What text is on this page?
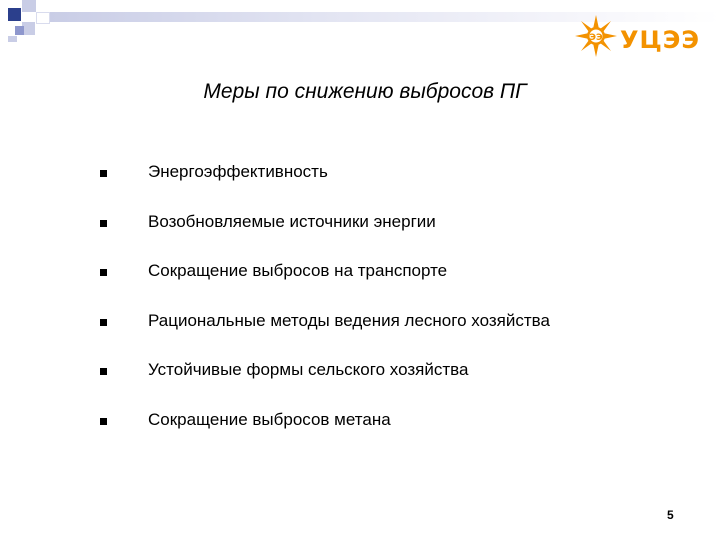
ЭЭ УЦЭЭ
Меры по снижению выбросов ПГ
Энергоэффективность
Возобновляемые источники энергии
Сокращение выбросов на транспорте
Рациональные методы ведения лесного хозяйства
Устойчивые формы сельского хозяйства
Сокращение выбросов метана
5
